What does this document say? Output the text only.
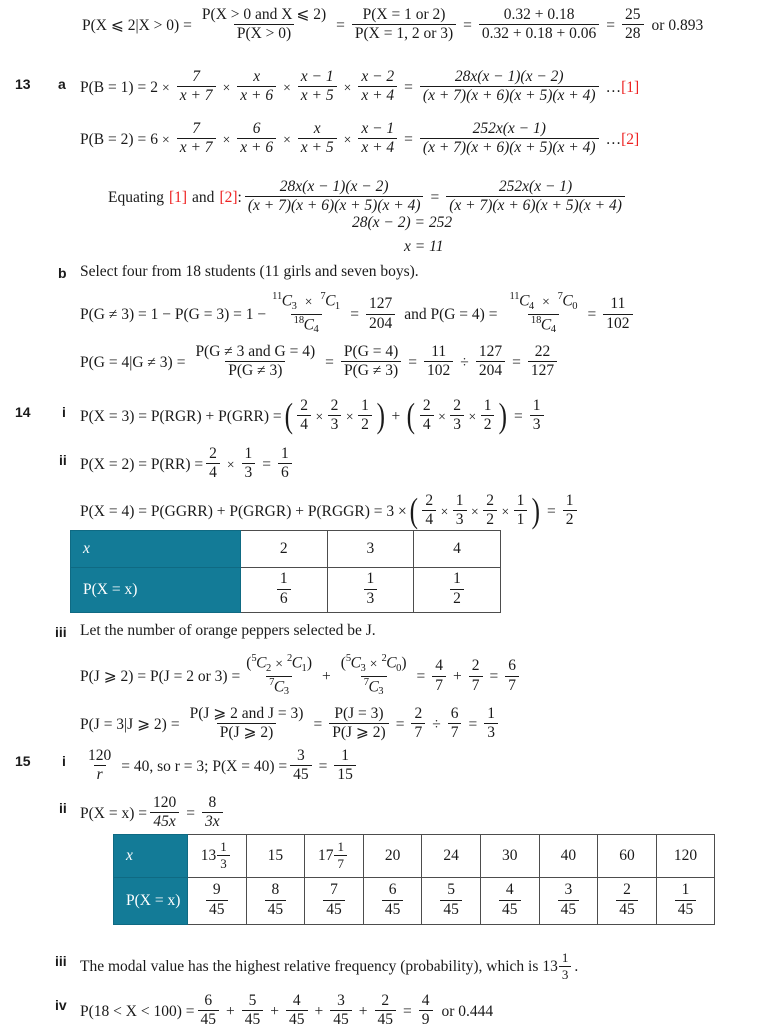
P(X ⩽ $2|X > 0) = \frac{\text{P(X > 0 and X ⩽ 2)}}{P(X > 0)} = \frac{P(X = 1 or 2)}{P(X = 1, 2 or 3)} = \frac{0.32 + 0.18}{0.32 + 0.18 + 0.06} = \frac{25}{28}$ or 0.893
13 a $P(B = 1) = 2 \times \frac{7}{x + 7} \times \frac{x}{x + 6} \times \frac{x - 1}{x + 5} \times \frac{x - 2}{x + 4} = \frac{28x(x - 1)(x - 2)}{(x + 7)(x + 6)(x + 5)(x + 4)}$ … [1]
$P(B = 2) = 6 \times \frac{7}{x + 7} \times \frac{6}{x + 6} \times \frac{x}{x + 5} \times \frac{x - 1}{x + 4} = \frac{252x(x - 1)}{(x + 7)(x + 6)(x + 5)(x + 4)}$ … [2]
Equating [1] and [2] : $\frac{28x(x - 1)(x - 2)}{(x + 7)(x + 6)(x + 5)(x + 4)} = \frac{252x(x - 1)}{(x + 7)(x + 6)(x + 5)(x + 4)}$
28(x − 2) = 252
x = 11
b Select four from 18 students (11 girls and seven boys).
$P(G \ne 3) = 1 - P(G = 3) = 1 - \frac{^{11}C_3 \times ^7C_1}{^{18}C_4} = \frac{127}{204}$ and $P(G = 4) = \frac{^{11}C_4 \times ^7C_0}{^{18}C_4} = \frac{11}{102}$
$P(G = 4|G \ne 3) = \frac{\text{P(G ≠ 3 and G = 4)}}{P(G \ne 3)} = \frac{P(G = 4)}{P(G \ne 3)} = \frac{11}{102} \div \frac{127}{204} = \frac{22}{127}$
14 i P(X = 3) = P(RGR) + P(GRR) = ( $\frac{2}{4} \times \frac{2}{3} \times \frac{1}{2}$ ) + ( $\frac{2}{4} \times \frac{2}{3} \times \frac{1}{2}$ ) = $\frac{1}{3}$
ii $P(X = 2) = P(RR) = \frac{2}{4} \times \frac{1}{3} = \frac{1}{6}$
P(X = 4) = P(GGRR) + P(GRGR) + P(RGGR) = 3 × ( $\frac{2}{4} \times \frac{1}{3} \times \frac{2}{2} \times \frac{1}{1}$ ) = $\frac{1}{2}$
x	2	3	4
P(X = x)	$\frac{1}{6}$	$\frac{1}{3}$	$\frac{1}{2}$
iii Let the number of orange peppers selected be J.
P(J ⩾ 2) = P(J = 2 or $3) = \frac{(^5C_2 \times ^2C_1)}{^7C_3} + \frac{(^5C_3 \times ^2C_0)}{^7C_3} = \frac{4}{7} + \frac{2}{7} = \frac{6}{7}$
P(J = 3|J ⩾ $2) = \frac{\text{P(J ⩾ 2 and J = 3)}}{P(J ⩾ 2)} = \frac{P(J = 3)}{P(J ⩾ 2)} = \frac{2}{7} \div \frac{6}{7} = \frac{1}{3}$
15 i $\frac{120}{r} = 40$, so r = 3; $P(X = 40) = \frac{3}{45} = \frac{1}{15}$
ii $P(X = x) = \frac{120}{45x} = \frac{8}{3x}$
x	$13 \frac{1}{3}$	15	$17 \frac{1}{7}$	20	24	30	40	60	120
P(X = x)	$\frac{9}{45}$	$\frac{8}{45}$	$\frac{7}{45}$	$\frac{6}{45}$	$\frac{5}{45}$	$\frac{4}{45}$	$\frac{3}{45}$	$\frac{2}{45}$	$\frac{1}{45}$
iii The modal value has the highest relative frequency (probability), which is $13 \frac{1}{3}$ .
iv $P(18 < X < 100) = \frac{6}{45} + \frac{5}{45} + \frac{4}{45} + \frac{3}{45} + \frac{2}{45} = \frac{4}{9}$ or 0.444
